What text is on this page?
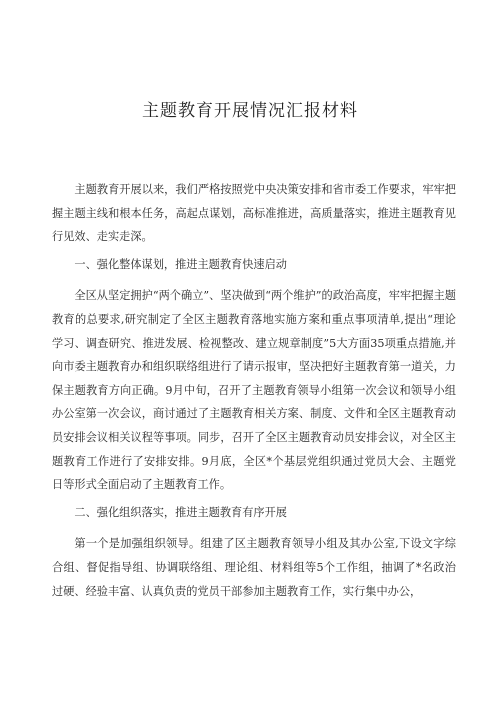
主题教育开展情况汇报材料

主题教育开展以来，我们严格按照党中央决策安排和省市委工作要求，牢牢把握主题主线和根本任务，高起点谋划，高标准推进，高质量落实，推进主题教育见行见效、走实走深。

一、强化整体谋划，推进主题教育快速启动

全区从坚定拥护“两个确立”、坚决做到“两个维护”的政治高度，牢牢把握主题教育的总要求,研究制定了全区主题教育落地实施方案和重点事项清单,提出“理论学习、调查研究、推进发展、检视整改、建立规章制度”5大方面35项重点措施,并向市委主题教育办和组织联络组进行了请示报审，坚决把好主题教育第一道关，力保主题教育方向正确。9月中旬，召开了主题教育领导小组第一次会议和领导小组办公室第一次会议，商讨通过了主题教育相关方案、制度、文件和全区主题教育动员安排会议相关议程等事项。同步，召开了全区主题教育动员安排会议，对全区主题教育工作进行了安排安排。9月底，全区*个基层党组织通过党员大会、主题党日等形式全面启动了主题教育工作。

二、强化组织落实，推进主题教育有序开展

第一个是加强组织领导。组建了区主题教育领导小组及其办公室,下设文字综合组、督促指导组、协调联络组、理论组、材料组等5个工作组，抽调了*名政治过硬、经验丰富、认真负责的党员干部参加主题教育工作，实行集中办公，
